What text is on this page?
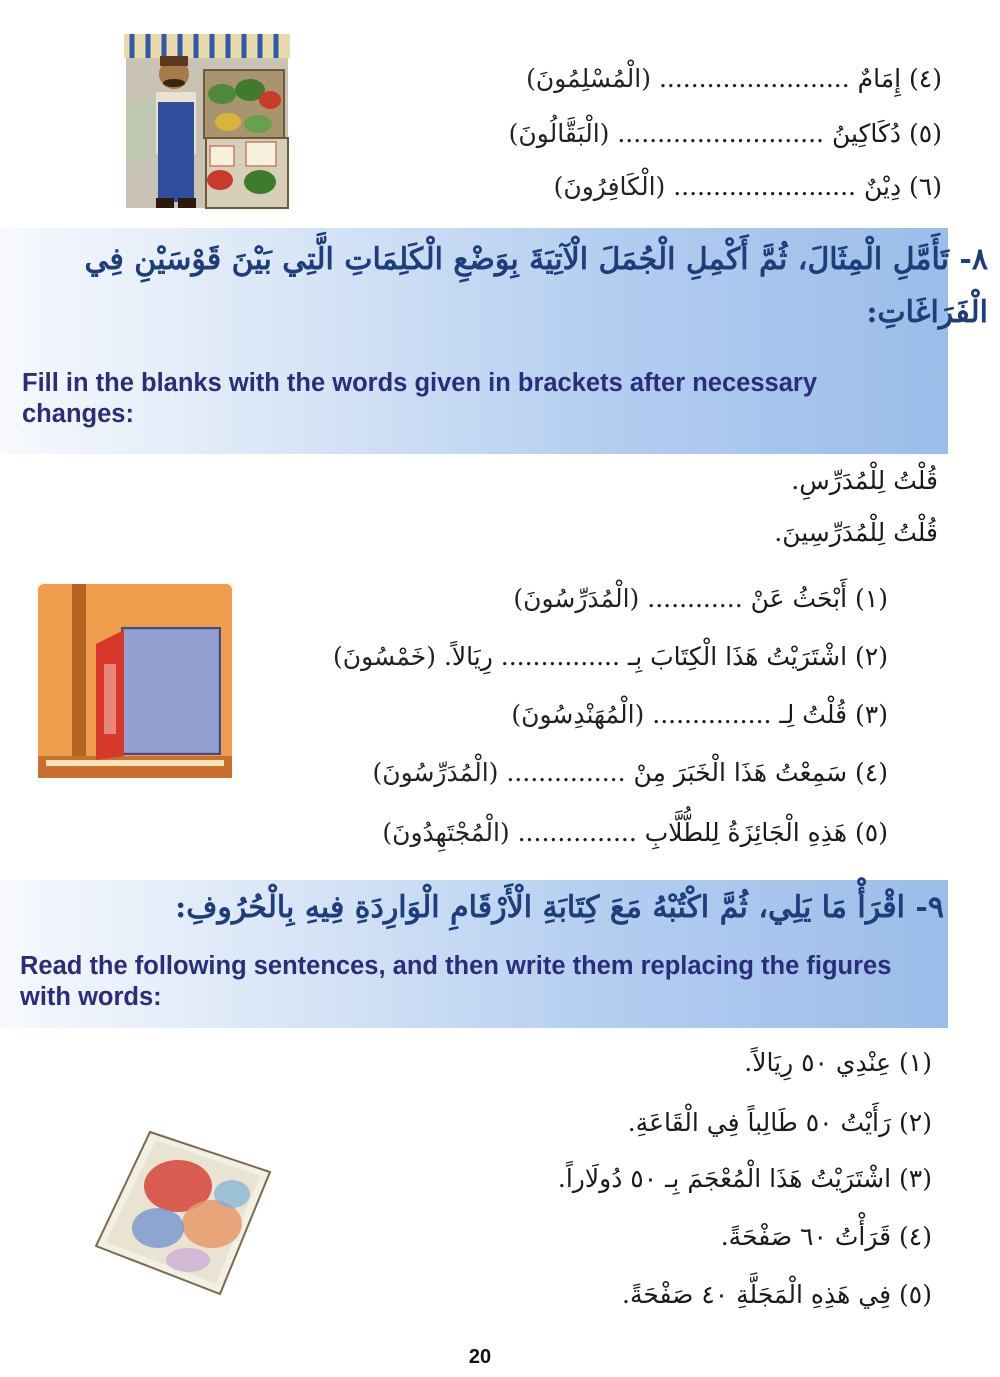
(٤) إِمَامٌ ........................ (الْمُسْلِمُونَ)
(٥) دُكَاكِينُ .......................... (الْبَقَّالُونَ)
(٦) دِيْنٌ ....................... (الْكَافِرُونَ)
٨- تَأَمَّلِ الْمِثَالَ، ثُمَّ أَكْمِلِ الْجُمَلَ الْآتِيَةَ بِوَضْعِ الْكَلِمَاتِ الَّتِي بَيْنَ قَوْسَيْنِ فِي الْفَرَاغَاتِ:
Fill in the blanks with the words given in brackets after necessary changes:
قُلْتُ لِلْمُدَرِّسِ.
قُلْتُ لِلْمُدَرِّسِينَ.
(١) أَبْحَثُ عَنْ ............ (الْمُدَرِّسُونَ)
(٢) اشْتَرَيْتُ هَذَا الْكِتَابَ بِـ ............... رِيَالاً. (خَمْسُونَ)
(٣) قُلْتُ لِـ ............... (الْمُهَنْدِسُونَ)
(٤) سَمِعْتُ هَذَا الْخَبَرَ مِنْ ............... (الْمُدَرِّسُونَ)
(٥) هَذِهِ الْجَائِزَةُ لِلطُّلَّابِ ............... (الْمُجْتَهِدُونَ)
٩- اقْرَأْ مَا يَلِي، ثُمَّ اكْتُبْهُ مَعَ كِتَابَةِ الْأَرْقَامِ الْوَارِدَةِ فِيهِ بِالْحُرُوفِ:
Read the following sentences, and then write them replacing the figures with words:
(١) عِنْدِي ٥٠ رِيَالاً.
(٢) رَأَيْتُ ٥٠ طَالِباً فِي الْقَاعَةِ.
(٣) اشْتَرَيْتُ هَذَا الْمُعْجَمَ بِـ ٥٠ دُولَاراً.
(٤) قَرَأْتُ ٦٠ صَفْحَةً.
(٥) فِي هَذِهِ الْمَجَلَّةِ ٤٠ صَفْحَةً.
20
